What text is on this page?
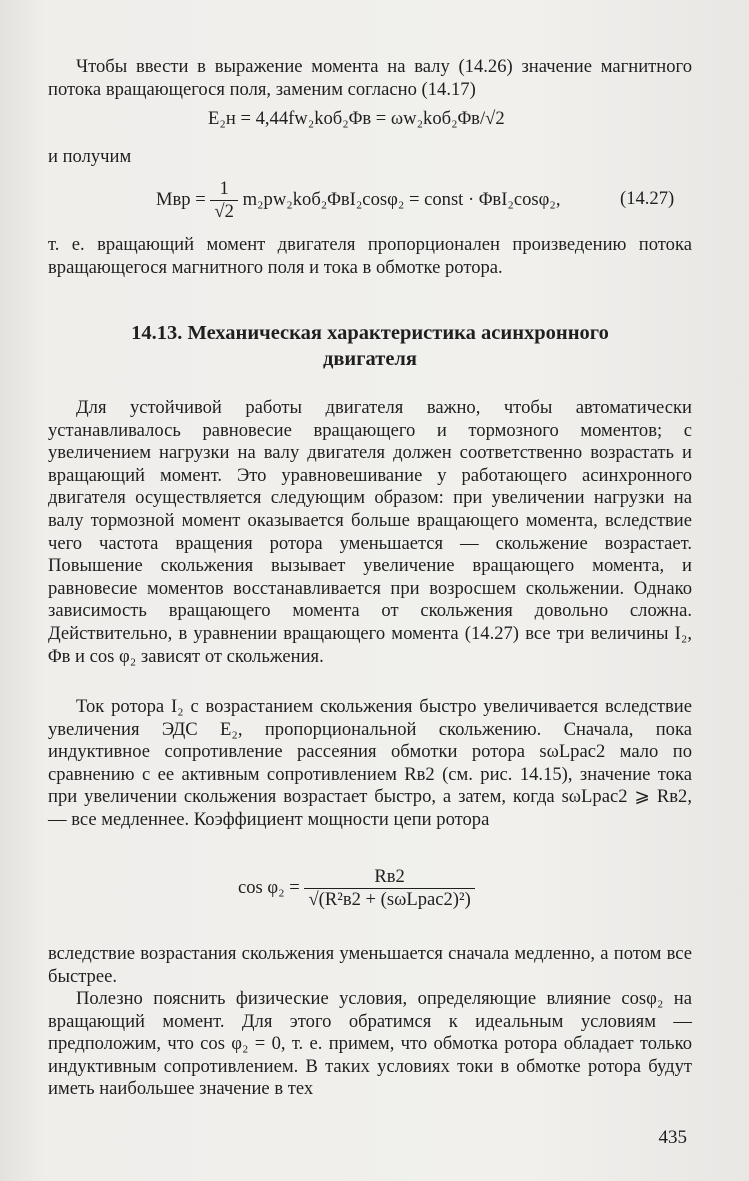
Чтобы ввести в выражение момента на валу (14.26) значение магнитного потока вращающегося поля, заменим согласно (14.17)

E₂н = 4,44fw₂kоб₂Φв = ωw₂kоб₂Φв/√2

и получим

Mвр = $\frac{1}{√2} m_2pw_2kоб_2\Phi вI_2\cos\varphi_2$ = const · ΦвI₂cosφ₂,	(14.27)

т. е. вращающий момент двигателя пропорционален произведению потока вращающегося магнитного поля и тока в обмотке ротора.

14.13. Механическая характеристика асинхронного
двигателя

Для устойчивой работы двигателя важно, чтобы автоматически устанавливалось равновесие вращающего и тормозного моментов; с увеличением нагрузки на валу двигателя должен соответственно возрастать и вращающий момент. Это уравновешивание у работающего асинхронного двигателя осуществляется следующим образом: при увеличении нагрузки на валу тормозной момент оказывается больше вращающего момента, вследствие чего частота вращения ротора уменьшается — скольжение возрастает. Повышение скольжения вызывает увеличение вращающего момента, и равновесие моментов восстанавливается при возросшем скольжении. Однако зависимость вращающего момента от скольжения довольно сложна. Действительно, в уравнении вращающего момента (14.27) все три величины I₂, Φв и cos φ₂ зависят от скольжения.

Ток ротора I₂ с возрастанием скольжения быстро увеличивается вследствие увеличения ЭДС E₂, пропорциональной скольжению. Сначала, пока индуктивное сопротивление рассеяния обмотки ротора sωLрас2 мало по сравнению с ее активным сопротивлением Rв2 (см. рис. 14.15), значение тока при увеличении скольжения возрастает быстро, а затем, когда sωLрас2 ⩾ Rв2, — все медленнее. Коэффициент мощности цепи ротора

$\cos \varphi_2 = \frac{Rв2}{\text{√(R²в2 + (sωLрас2)²)}}$

вследствие возрастания скольжения уменьшается сначала медленно, а потом все быстрее.

Полезно пояснить физические условия, определяющие влияние cosφ₂ на вращающий момент. Для этого обратимся к идеальным условиям — предположим, что cos φ₂ = 0, т. е. примем, что обмотка ротора обладает только индуктивным сопротивлением. В таких условиях токи в обмотке ротора будут иметь наибольшее значение в тех

435
